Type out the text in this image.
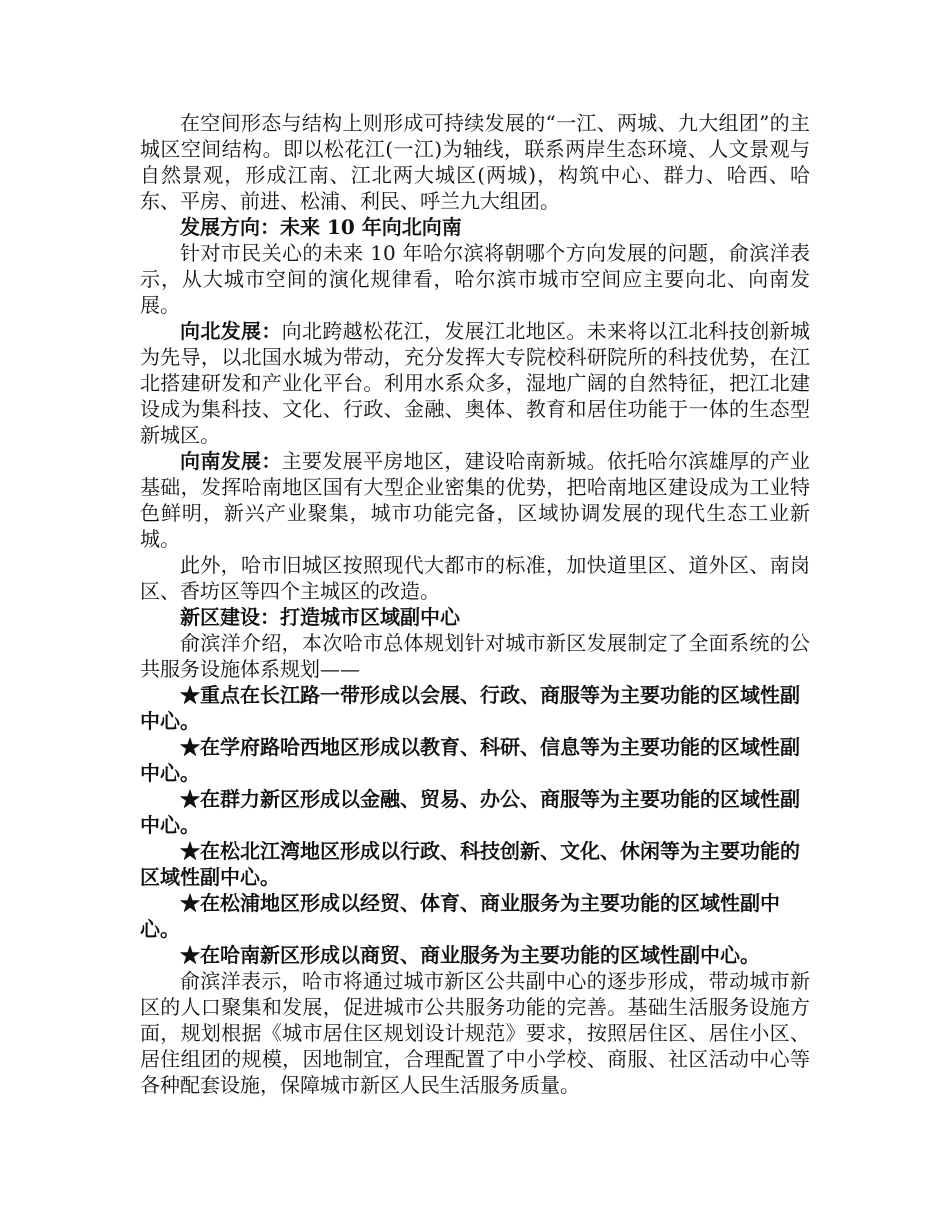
在空间形态与结构上则形成可持续发展的“一江、两城、九大组团”的主城区空间结构。即以松花江(一江)为轴线，联系两岸生态环境、人文景观与自然景观，形成江南、江北两大城区(两城)，构筑中心、群力、哈西、哈东、平房、前进、松浦、利民、呼兰九大组团。

发展方向：未来 10 年向北向南

针对市民关心的未来 10 年哈尔滨将朝哪个方向发展的问题，俞滨洋表示，从大城市空间的演化规律看，哈尔滨市城市空间应主要向北、向南发展。

向北发展：向北跨越松花江，发展江北地区。未来将以江北科技创新城为先导，以北国水城为带动，充分发挥大专院校科研院所的科技优势，在江北搭建研发和产业化平台。利用水系众多，湿地广阔的自然特征，把江北建设成为集科技、文化、行政、金融、奥体、教育和居住功能于一体的生态型新城区。

向南发展：主要发展平房地区，建设哈南新城。依托哈尔滨雄厚的产业基础，发挥哈南地区国有大型企业密集的优势，把哈南地区建设成为工业特色鲜明，新兴产业聚集，城市功能完备，区域协调发展的现代生态工业新城。

此外，哈市旧城区按照现代大都市的标准，加快道里区、道外区、南岗区、香坊区等四个主城区的改造。

新区建设：打造城市区域副中心

俞滨洋介绍，本次哈市总体规划针对城市新区发展制定了全面系统的公共服务设施体系规划——

★重点在长江路一带形成以会展、行政、商服等为主要功能的区域性副中心。

★在学府路哈西地区形成以教育、科研、信息等为主要功能的区域性副中心。

★在群力新区形成以金融、贸易、办公、商服等为主要功能的区域性副中心。

★在松北江湾地区形成以行政、科技创新、文化、休闲等为主要功能的区域性副中心。

★在松浦地区形成以经贸、体育、商业服务为主要功能的区域性副中心。

★在哈南新区形成以商贸、商业服务为主要功能的区域性副中心。

俞滨洋表示，哈市将通过城市新区公共副中心的逐步形成，带动城市新区的人口聚集和发展，促进城市公共服务功能的完善。基础生活服务设施方面，规划根据《城市居住区规划设计规范》要求，按照居住区、居住小区、居住组团的规模，因地制宜，合理配置了中小学校、商服、社区活动中心等各种配套设施，保障城市新区人民生活服务质量。
